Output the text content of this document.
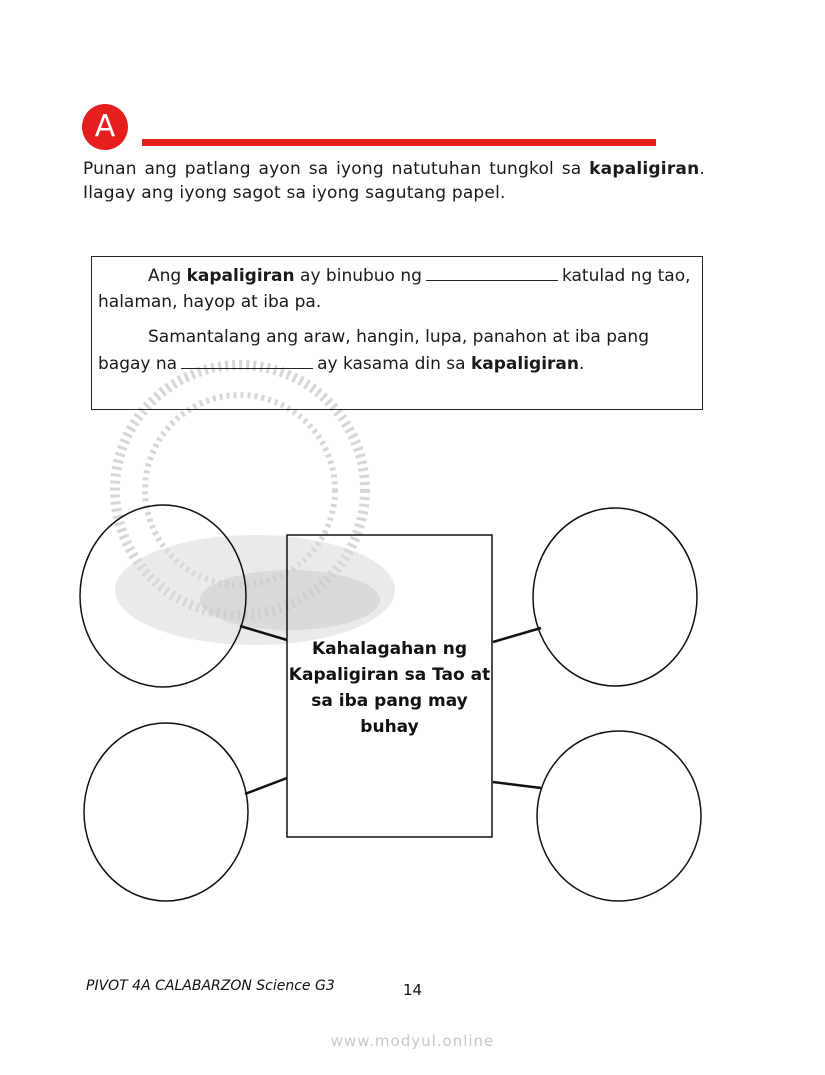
A
Punan ang patlang ayon sa iyong natutuhan tungkol sa kapaligiran. Ilagay ang iyong sagot sa iyong sagutang papel.

Ang kapaligiran ay binubuo ng	katulad ng tao, halaman, hayop at iba pa.

Samantalang ang araw, hangin, lupa, panahon at iba pang bagay na	ay kasama din sa kapaligiran.

Kahalagahan ng Kapaligiran sa Tao at sa iba pang may buhay
PIVOT 4A CALABARZON Science G3	14
www.modyul.online
